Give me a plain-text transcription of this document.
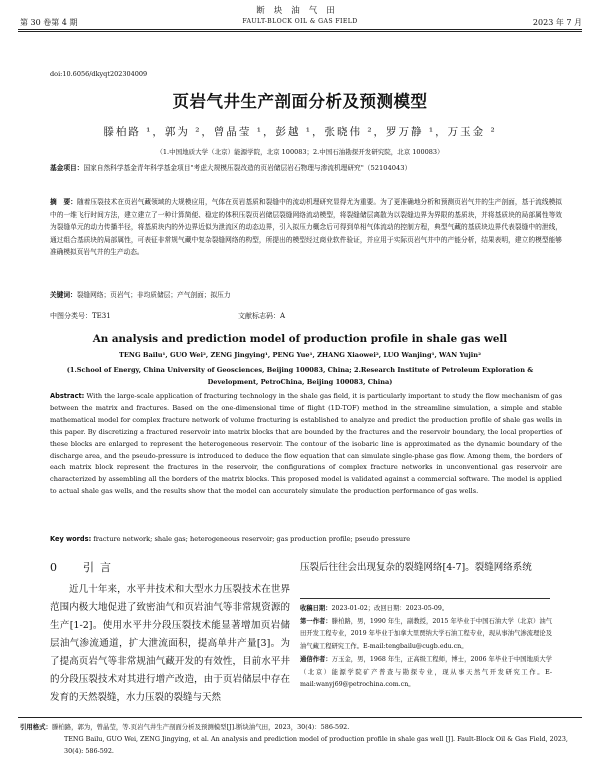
断块油气田
第 30 卷第 4 期	FAULT-BLOCK OIL & GAS FIELD	2023 年 7 月
doi:10.6056/dkyqt202304009
页岩气井生产剖面分析及预测模型
滕柏路 ¹，郭为 ²，曾晶莹 ¹，彭越 ¹，张晓伟 ²，罗万静 ¹，万玉金 ²
（1.中国地质大学（北京）能源学院，北京 100083；2.中国石油勘探开发研究院，北京 100083）
基金项目：国家自然科学基金青年科学基金项目"考虑大规模压裂改造的页岩储层岩石物理与渗流机理研究"（52104043）
摘　要：随着压裂技术在页岩气藏领域的大规模应用，气体在页岩基质和裂缝中的流动机理研究显得尤为重要。为了更准确地分析和预测页岩气井的生产剖面，基于流线模拟中的一维飞行时间方法，建立建立了一种计算简便、稳定的体积压裂页岩储层裂缝网络流动模型，将裂缝储层离散为以裂缝边界为界限的基质块，并将基质块的局部属性等效为裂缝单元的动力传播半径，将基质块内的外边界近似为泄流区的动态边界，引入拟压力概念后可得到单相气体流动的控制方程，典型气藏的基质块边界代表裂缝中的泄线，通过组合基质块的局部属性，可表征非常规气藏中复杂裂缝网络的构型，所提出的模型经过商业软件验证，并应用于实际页岩气井中的产能分析，结果表明，建立的模型能够准确模拟页岩气井的生产动态。
关键词：裂缝网络；页岩气；非均质储层；产气剖面；拟压力
中图分类号：TE31	文献标志码：A
An analysis and prediction model of production profile in shale gas well
TENG Bailu¹, GUO Wei², ZENG Jingying¹, PENG Yue¹, ZHANG Xiaowei², LUO Wanjing¹, WAN Yujin²
(1.School of Energy, China University of Geosciences, Beijing 100083, China; 2.Research Institute of Petroleum Exploration & Development, PetroChina, Beijing 100083, China)
Abstract: With the large-scale application of fracturing technology in the shale gas field, it is particularly important to study the flow mechanism of gas between the matrix and fractures. Based on the one-dimensional time of flight (1D-TOF) method in the streamline simulation, a simple and stable mathematical model for complex fracture network of volume fracturing is established to analyze and predict the production profile of shale gas wells in this paper. By discretizing a fractured reservoir into matrix blocks that are bounded by the fractures and the reservoir boundary, the local properties of these blocks are enlarged to represent the heterogeneous reservoir. The contour of the isobaric line is approximated as the dynamic boundary of the discharge area, and the pseudo-pressure is introduced to deduce the flow equation that can simulate single-phase gas flow. Among them, the borders of each matrix block represent the fractures in the reservoir, the configurations of complex fracture networks in unconventional gas reservoir are characterized by assembling all the borders of the matrix blocks. This proposed model is validated against a commercial software. The model is applied to actual shale gas wells, and the results show that the model can accurately simulate the production performance of gas wells.
Key words: fracture network; shale gas; heterogeneous reservoir; gas production profile; pseudo pressure
0 引言
近几十年来，水平井技术和大型水力压裂技术在世界范围内极大地促进了致密油气和页岩油气等非常规资源的生产[1-2]。使用水平井分段压裂技术能显著增加页岩储层油气渗流通道，扩大泄流面积，提高单井产量[3]。为了提高页岩气等非常规油气藏开发的有效性，目前水平井的分段压裂技术对其进行增产改造，由于页岩储层中存在发育的天然裂缝，水力压裂的裂缝与天然
压裂后往往会出现复杂的裂缝网络[4-7]。裂缝网络系统
收稿日期：2023-01-02；改回日期：2023-05-09。
第一作者：滕柏路，男，1990 年生，副教授，2015 年毕业于中国石油大学（北京）油气田开发工程专业，2019 年毕业于加拿大里贾纳大学石油工程专业，现从事油气渗流理论及油气藏工程研究工作。E-mail:tengbailu@cugb.edu.cn。
通信作者：万玉金，男，1968 年生，正高级工程师，博士，2006 年毕业于中国地质大学（北京）能源学院矿产普查与勘探专业，现从事天然气开发研究工作。E-mail:wanyj69@petrochina.com.cn。
引用格式：滕柏路，郭为，曾晶莹，等.页岩气井生产剖面分析及预测模型[J].断块油气田，2023，30(4)：586-592.
TENG Bailu, GUO Wei, ZENG Jingying, et al. An analysis and prediction model of production profile in shale gas well [J]. Fault-Block Oil & Gas Field, 2023, 30(4): 586-592.
